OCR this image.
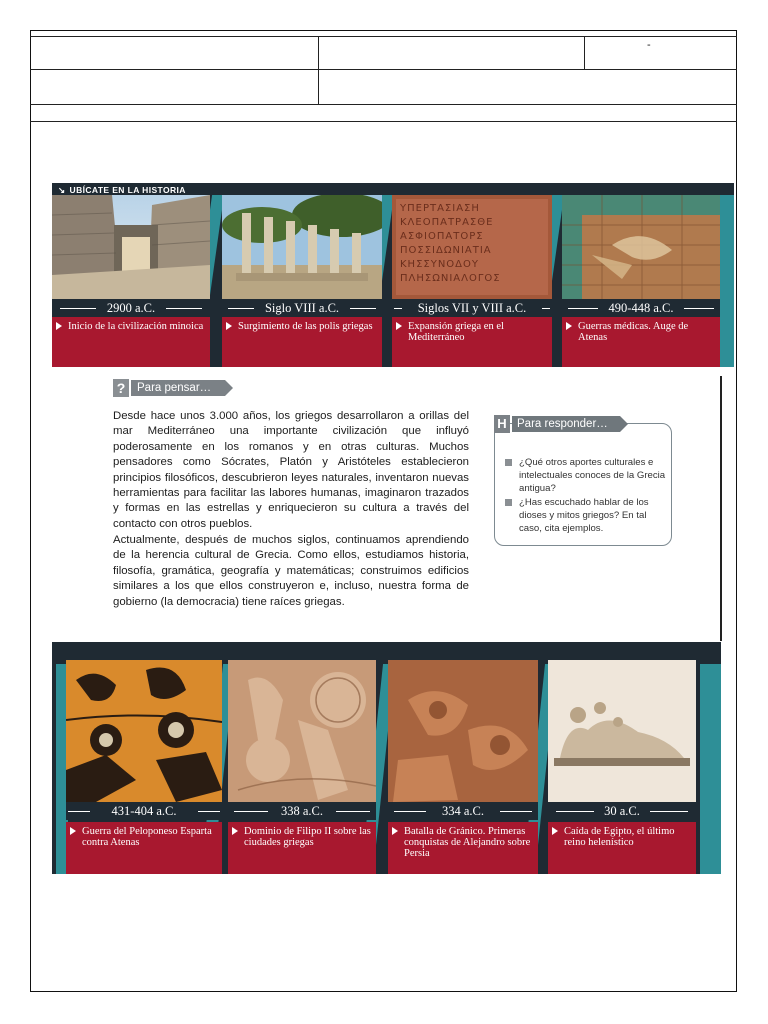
-
↘ UBÍCATE EN LA HISTORIA
2900 a.C.
Inicio de la civilización minoica
Siglo VIII a.C.
Surgimiento de las polis griegas
ΥΠΕΡΤΑΣΙΑΣΗ
ΚΛΕΟΠΑΤΡΑΣΘΕ
ΑΣΦΙΟΠΑΤΟΡΣ
ΠΟΣΣΙΔΩΝΙΑΤΙΑ
ΚΗΣΣΥΝΟΔΟΥ
ΠΛΗΣΩΝΙΑΛΟΓΟΣ
Siglos VII y VIII a.C.
Expansión griega en el Mediterráneo
490-448 a.C.
Guerras médicas. Auge de Atenas
?	Para pensar…
Desde hace unos 3.000 años, los griegos desarrollaron a orillas del mar Mediterráneo una importante civilización que influyó poderosamente en los romanos y en otras culturas. Muchos pensadores como Sócrates, Platón y Aristóteles establecieron principios filosóficos, descubrieron leyes naturales, inventaron nuevas herramientas para facilitar las labores humanas, imaginaron trazados y formas en las estrellas y enriquecieron su cultura a través del contacto con otros pueblos.
Actualmente, después de muchos siglos, continuamos aprendiendo de la herencia cultural de Grecia. Como ellos, estudiamos historia, filosofía, gramática, geografía y matemáticas; construimos edificios similares a los que ellos construyeron e, incluso, nuestra forma de gobierno (la democracia) tiene raíces griegas.
¿Qué otros aportes culturales e intelectuales conoces de la Grecia antigua?
¿Has escuchado hablar de los dioses y mitos griegos? En tal caso, cita ejemplos.
H Para responder…
431-404 a.C.
Guerra del Peloponeso Esparta contra Atenas
338 a.C.
Dominio de Filipo II sobre las ciudades griegas
334 a.C.
Batalla de Gránico. Primeras conquistas de Alejandro sobre Persia
30 a.C.
Caída de Egipto, el último reino helenístico
